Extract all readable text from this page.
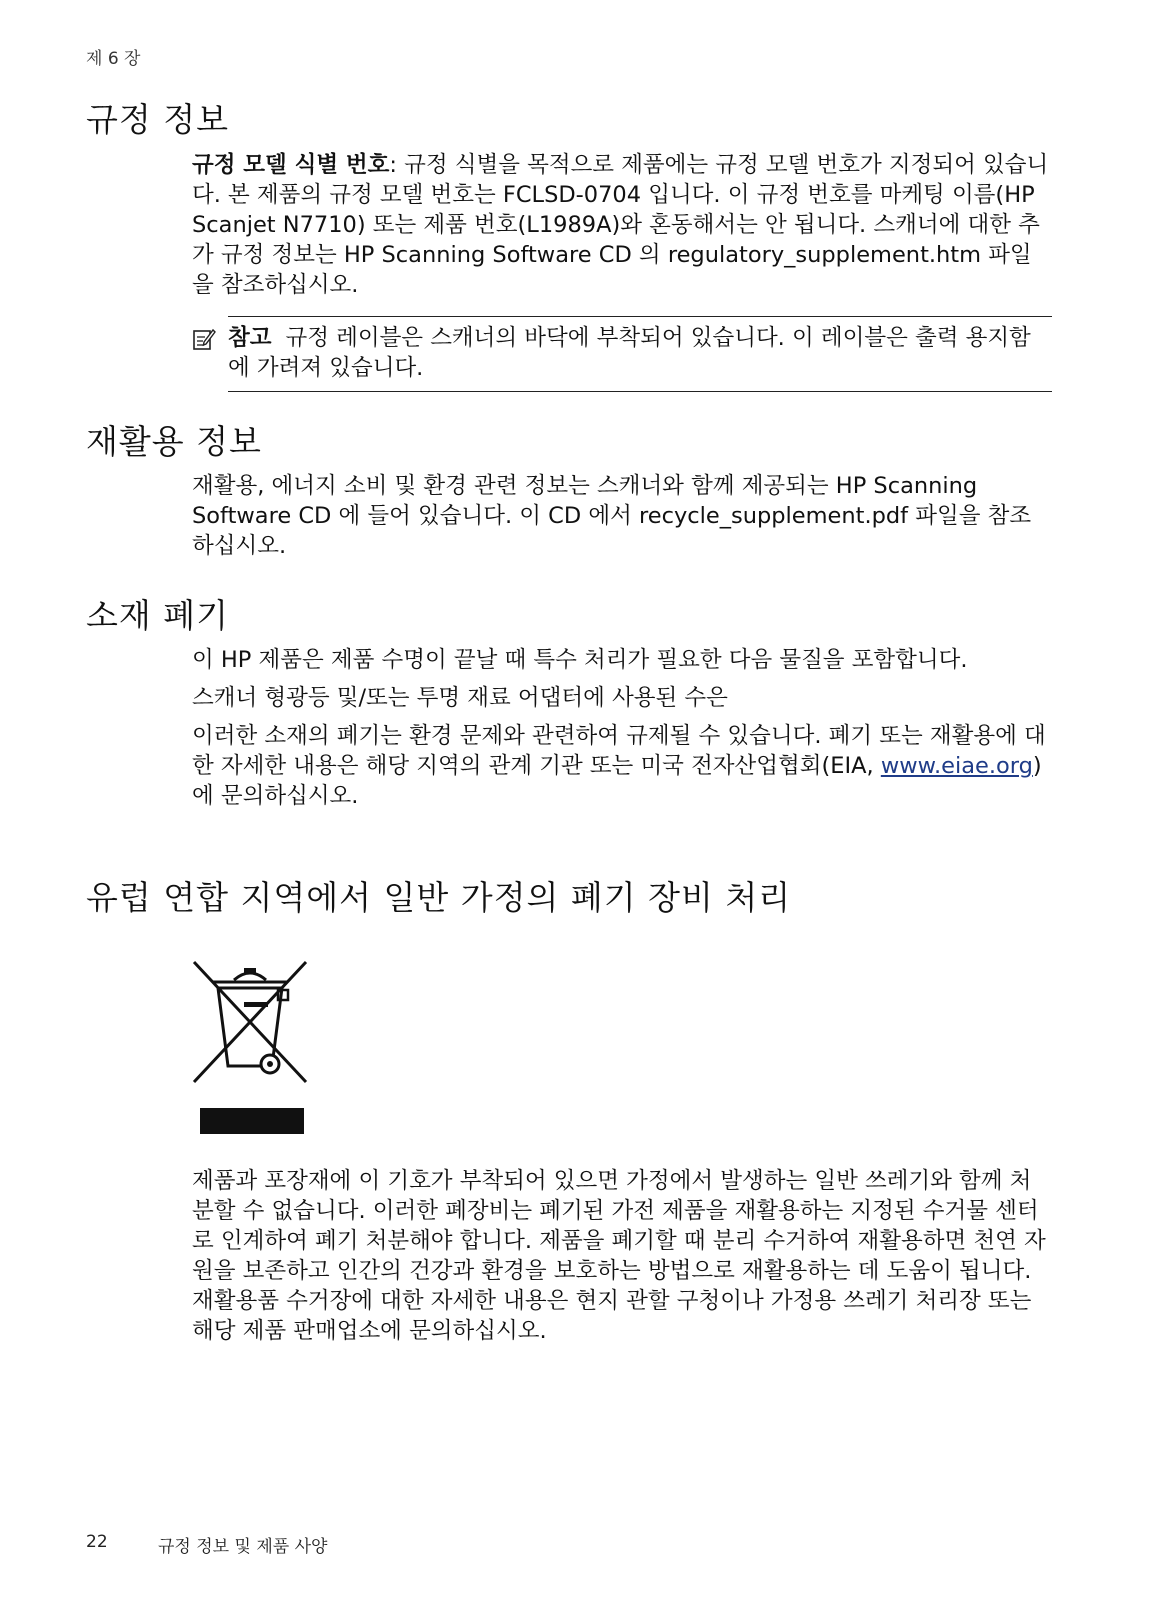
제 6 장
규정 정보

규정 모델 식별 번호: 규정 식별을 목적으로 제품에는 규정 모델 번호가 지정되어 있습니다. 본 제품의 규정 모델 번호는 FCLSD-0704 입니다. 이 규정 번호를 마케팅 이름(HP Scanjet N7710) 또는 제품 번호(L1989A)와 혼동해서는 안 됩니다. 스캐너에 대한 추가 규정 정보는 HP Scanning Software CD 의 regulatory_supplement.htm 파일을 참조하십시오.

참고 규정 레이블은 스캐너의 바닥에 부착되어 있습니다. 이 레이블은 출력 용지함에 가려져 있습니다.
재활용 정보

재활용, 에너지 소비 및 환경 관련 정보는 스캐너와 함께 제공되는 HP Scanning Software CD 에 들어 있습니다. 이 CD 에서 recycle_supplement.pdf 파일을 참조하십시오.

소재 폐기

이 HP 제품은 제품 수명이 끝날 때 특수 처리가 필요한 다음 물질을 포함합니다.

스캐너 형광등 및/또는 투명 재료 어댑터에 사용된 수은

이러한 소재의 폐기는 환경 문제와 관련하여 규제될 수 있습니다. 폐기 또는 재활용에 대한 자세한 내용은 해당 지역의 관계 기관 또는 미국 전자산업협회(EIA, www.eiae.org)에 문의하십시오.

유럽 연합 지역에서 일반 가정의 폐기 장비 처리

제품과 포장재에 이 기호가 부착되어 있으면 가정에서 발생하는 일반 쓰레기와 함께 처분할 수 없습니다. 이러한 폐장비는 폐기된 가전 제품을 재활용하는 지정된 수거물 센터로 인계하여 폐기 처분해야 합니다. 제품을 폐기할 때 분리 수거하여 재활용하면 천연 자원을 보존하고 인간의 건강과 환경을 보호하는 방법으로 재활용하는 데 도움이 됩니다. 재활용품 수거장에 대한 자세한 내용은 현지 관할 구청이나 가정용 쓰레기 처리장 또는 해당 제품 판매업소에 문의하십시오.

22	규정 정보 및 제품 사양
